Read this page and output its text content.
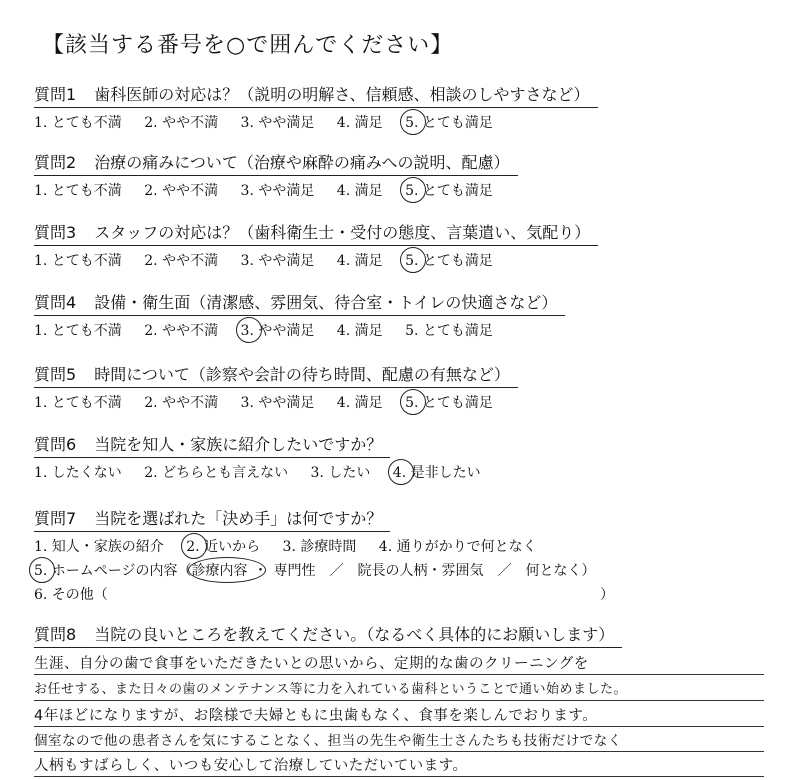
【該当する番号を○で囲んでください】
質問1 歯科医師の対応は？（説明の明解さ、信頼感、相談のしやすさなど）
1. とても不満 2. やや不満 3. やや満足 4. 満足 5. とても満足
質問2 治療の痛みについて（治療や麻酔の痛みへの説明、配慮）
1. とても不満 2. やや不満 3. やや満足 4. 満足 5. とても満足
質問3 スタッフの対応は？（歯科衛生士・受付の態度、言葉遣い、気配り）
1. とても不満 2. やや不満 3. やや満足 4. 満足 5. とても満足
質問4 設備・衛生面（清潔感、雰囲気、待合室・トイレの快適さなど）
1. とても不満 2. やや不満 3. やや満足 4. 満足 5. とても満足
質問5 時間について（診察や会計の待ち時間、配慮の有無など）
1. とても不満 2. やや不満 3. やや満足 4. 満足 5. とても満足
質問6 当院を知人・家族に紹介したいですか？
1. したくない 2. どちらとも言えない 3. したい 4. 是非したい
質問7 当院を選ばれた「決め手」は何ですか？
1. 知人・家族の紹介 2. 近いから 3. 診療時間 4. 通りがかりで何となく
5. ホームページの内容（
診療内容 ・ 専門性 ／ 院長の人柄・雰囲気 ／ 何となく）
6. その他（	）
質問8 当院の良いところを教えてください。（なるべく具体的にお願いします）
生涯、自分の歯で食事をいただきたいとの思いから、定期的な歯のクリーニングを
お任せする、また日々の歯のメンテナンス等に力を入れている歯科ということで通い始めました。
4年ほどになりますが、お陰様で夫婦ともに虫歯もなく、食事を楽しんでおります。
個室なので他の患者さんを気にすることなく、担当の先生や衛生士さんたちも技術だけでなく
人柄もすばらしく、いつも安心して治療していただいています。
